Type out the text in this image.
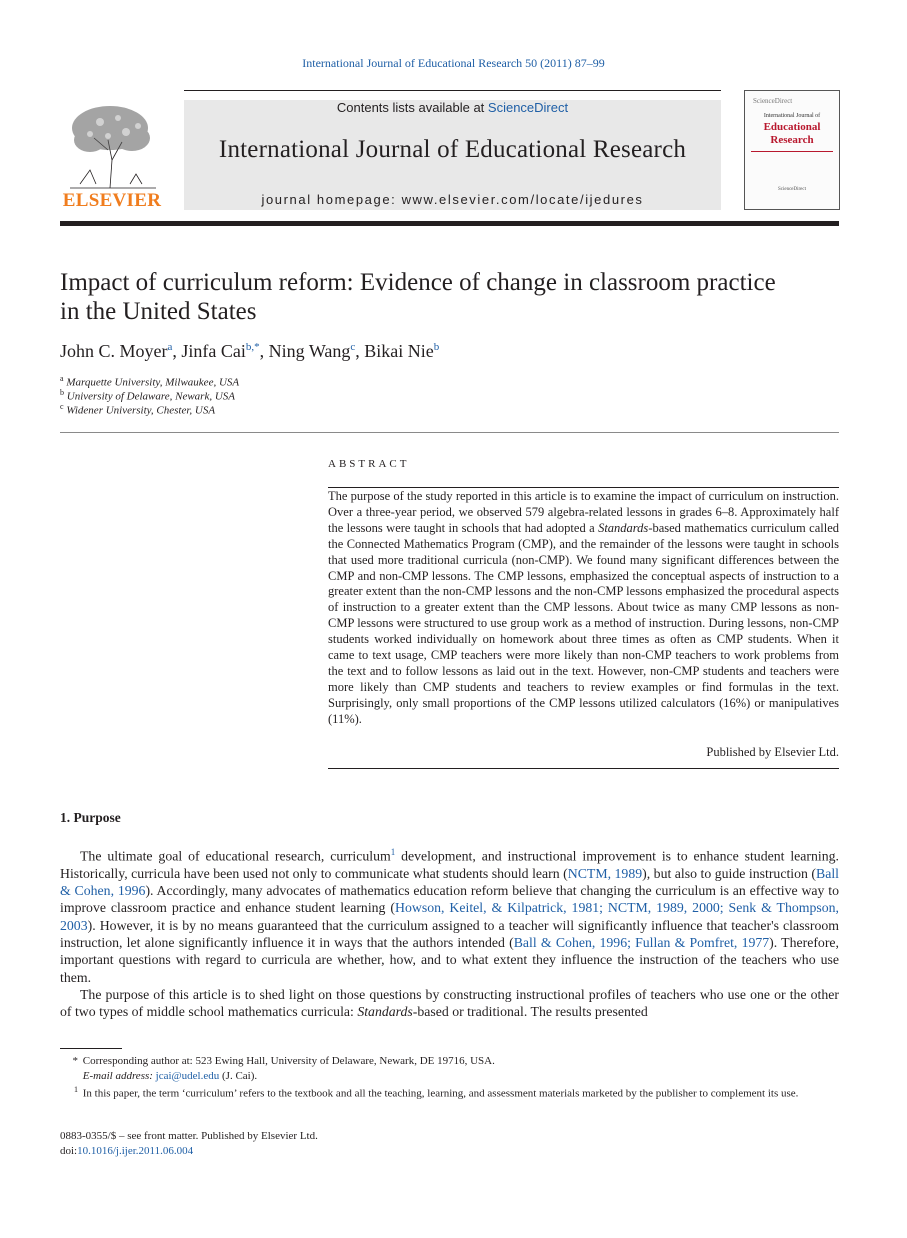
International Journal of Educational Research 50 (2011) 87–99
ELSEVIER
Contents lists available at ScienceDirect
International Journal of Educational Research
journal homepage: www.elsevier.com/locate/ijedures
ScienceDirect
International Journal of
Educational
Research
ScienceDirect
Impact of curriculum reform: Evidence of change in classroom practice
in the United States
John C. Moyer$^a$, Jinfa Cai$^{b,*}$, Ning Wang$^c$, Bikai Nie$^b$
$^a$ Marquette University, Milwaukee, USA
$^b$ University of Delaware, Newark, USA
$^c$ Widener University, Chester, USA
ABSTRACT
The purpose of the study reported in this article is to examine the impact of curriculum on instruction. Over a three-year period, we observed 579 algebra-related lessons in grades 6–8. Approximately half the lessons were taught in schools that had adopted a Standards-based mathematics curriculum called the Connected Mathematics Program (CMP), and the remainder of the lessons were taught in schools that used more traditional curricula (non-CMP). We found many significant differences between the CMP and non-CMP lessons. The CMP lessons, emphasized the conceptual aspects of instruction to a greater extent than the non-CMP lessons and the non-CMP lessons emphasized the procedural aspects of instruction to a greater extent than the CMP lessons. About twice as many CMP lessons as non-CMP lessons were structured to use group work as a method of instruction. During lessons, non-CMP students worked individually on homework about three times as often as CMP students. When it came to text usage, CMP teachers were more likely than non-CMP teachers to work problems from the text and to follow lessons as laid out in the text. However, non-CMP students and teachers were more likely than CMP students and teachers to review examples or find formulas in the text. Surprisingly, only small proportions of the CMP lessons utilized calculators (16%) or manipulatives (11%).
Published by Elsevier Ltd.
1. Purpose

The ultimate goal of educational research, curriculum$^1$ development, and instructional improvement is to enhance student learning. Historically, curricula have been used not only to communicate what students should learn (NCTM, 1989), but also to guide instruction (Ball & Cohen, 1996). Accordingly, many advocates of mathematics education reform believe that changing the curriculum is an effective way to improve classroom practice and enhance student learning (Howson, Keitel, & Kilpatrick, 1981; NCTM, 1989, 2000; Senk & Thompson, 2003). However, it is by no means guaranteed that the curriculum assigned to a teacher will significantly influence that teacher's classroom instruction, let alone significantly influence it in ways that the authors intended (Ball & Cohen, 1996; Fullan & Pomfret, 1977). Therefore, important questions with regard to curricula are whether, how, and to what extent they influence the instruction of the teachers who use them.

The purpose of this article is to shed light on those questions by constructing instructional profiles of teachers who use one or the other of two types of middle school mathematics curricula: Standards-based or traditional. The results presented

* Corresponding author at: 523 Ewing Hall, University of Delaware, Newark, DE 19716, USA.

E-mail address: jcai@udel.edu (J. Cai).

$^1$ In this paper, the term ‘curriculum’ refers to the textbook and all the teaching, learning, and assessment materials marketed by the publisher to complement its use.

0883-0355/$ – see front matter. Published by Elsevier Ltd.
doi:10.1016/j.ijer.2011.06.004
